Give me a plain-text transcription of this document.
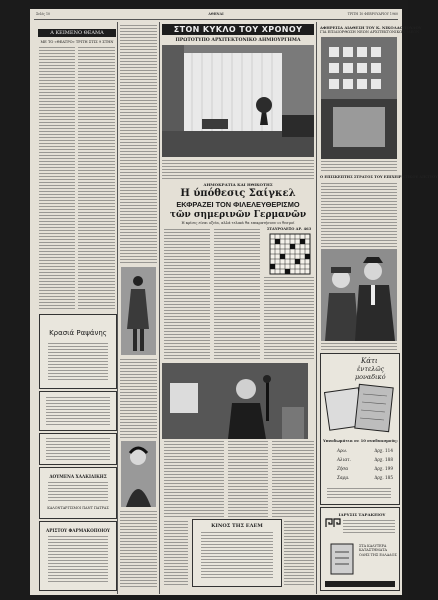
Σελίς 10	ΑΘΗΝΑΙ	ΤΡΙΤΗ 10 ΦΕΒΡΟΥΑΡΙΟΥ 1960
Α ΚΕΙΜΕΝΟ ΘΕΑΜΑ
ΜΕ ΤΟ «ΘΕΑΤΡΟ» ΤΡΙΤΗ ΣΤΙΣ 9 ΣΤΗΝ
Κρασιά Ραψάνης
ΔΟΥΜΕΝΑ ΧΑΛΚΙΔΙΚΗΣ
ΚΑΛΟΝΤΑΡΓΙΣΜΟΙ ΠΑΝΤ ΠΑΤΡΑΣ
ΑΡΙΣΤΟΥ ΦΑΡΜΑΚΟΠΟΙΟΥ
ΣΤΟΝ ΚΥΚΛΟ ΤΟΥ ΧΡΟΝΟΥ
ΠΡΩΤΟΤΥΠΟ ΑΡΧΙΤΕΚΤΟΝΙΚΟ ΔΗΜΙΟΥΡΓΗΜΑ
ΔΗΜΟΚΡΑΤΙΑ ΚΑΙ ΗΘΙΚΟΤΗΣ
Η ύπόθεσις Σαίγκελ
ΕΚΦΡΑΖΕΙ ΤΟΝ ΦΙΛΕΛΕΥΘΕΡΙΣΜΟ
τῶν σημερινῶν Γερμανῶν
Η κρίσις είναι οξεία, αλλά τελικά θα επικρατήσουν οι θεσμοί
ΣΤΑΥΡΟΛΕΞΟ ΑΡ. 463
ΚΙΝΟΣ ΤΗΣ ΕΛΕΜ
ΑΦΗΡΕΙΣΑ ΔΙΑΘΕΣΗ ΤΟΥ Κ. ΝΙΚΟΛΑΟΠΟΥΛΟΥ
ΓΙΑ ΕΠΙΔΙΟΡΘΩΣΗ ΝΕΩΝ ΑΡΧΙΤΕΚΤΟΝΙΚΩΝ ΙΔΕΩΝ
Ο ΕΠΙΣΚΕΠΤΗΣ ΣΤΡΑΤΟΣ ΤΟΥ ΕΠΙΧΕΙΡΗΤΙΚΟΥ ΔΙΚΤΥΟΥ
Κάτι
ἐντελῶς
μοναδικό
Υπνοδωμάτια σε 10 συνδυασμούς;
Αρω.	Δρχ. 114
Αλιατ.	Δρχ. 188
Ζήσα	Δρχ. 199
Σαρμ.	Δρχ. 185
ΙΔΡΥΣΙΣ ΤΑΡΑΚΕΙΟΥ
ΣΤΑ ΚΑΛΥΤΕΡΑ ΚΑΤΑΣΤΗΜΑΤΑ ΟΛΗΣ ΤΗΣ ΕΛΛΑΔΟΣ
